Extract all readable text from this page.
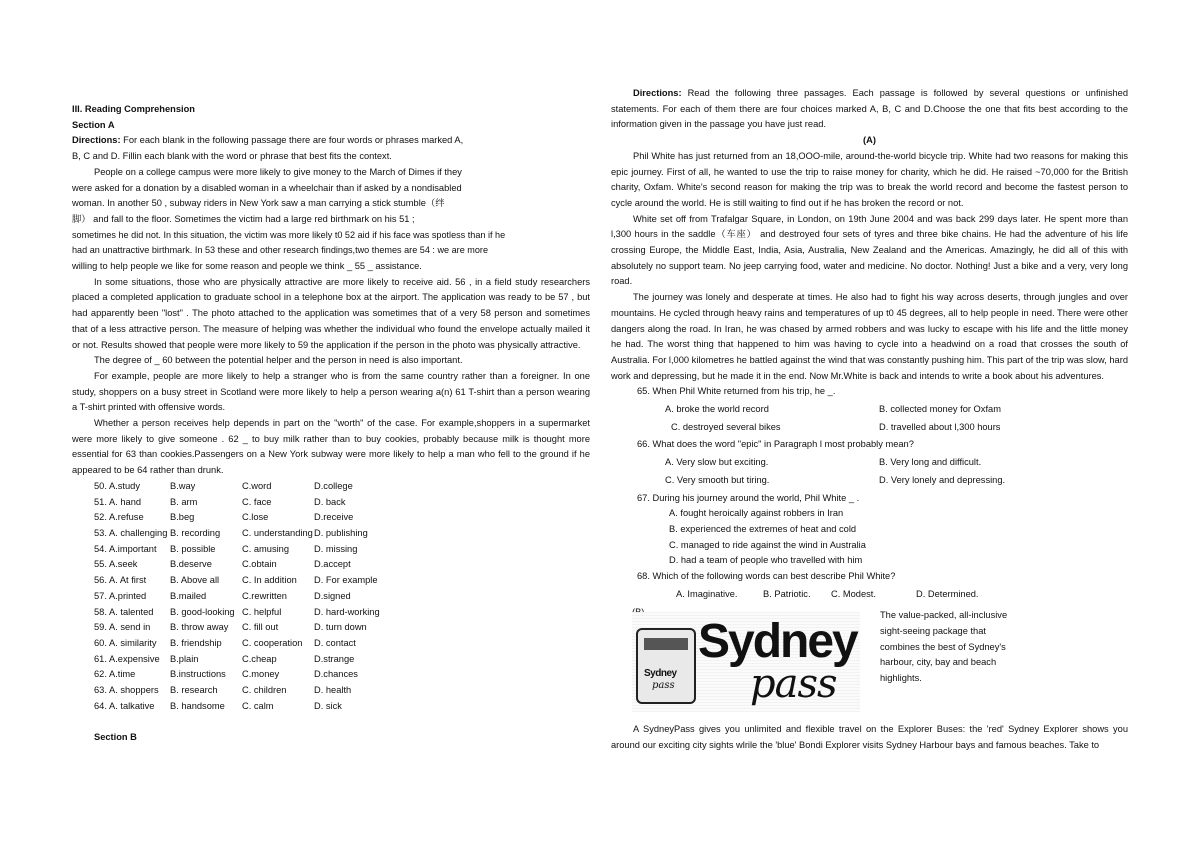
III. Reading Comprehension

Section A

Directions: For each blank in the following passage there are four words or phrases marked A,

B, C and D. Fillin each blank with the word or phrase that best fits the context.

People on a college campus were more likely to give money to the March of Dimes if they

were asked for a donation by a disabled woman in a wheelchair than if asked by a nondisabled

woman. In another 50 , subway riders in New York saw a man carrying a stick stumble（绊

脚） and fall to the floor. Sometimes the victim had a large red birthmark on his 51 ;

sometimes he did not. In this situation, the victim was more likely t0 52 aid if his face was spotless than if he

had an unattractive birthmark. In 53 these and other research findings,two themes are 54 : we are more

willing to help people we like for some reason and people we think _ 55 _ assistance.

In some situations, those who are physically attractive are more likely to receive aid. 56 , in a field study researchers placed a completed application to graduate school in a telephone box at the airport. The application was ready to be 57 , but had apparently been "lost" . The photo attached to the application was sometimes that of a very 58 person and sometimes that of a less attractive person. The measure of helping was whether the individual who found the envelope actually mailed it or not. Results showed that people were more likely to 59 the application if the person in the photo was physically attractive.

The degree of _ 60 between the potential helper and the person in need is also important.

For example, people are more likely to help a stranger who is from the same country rather than a foreigner. In one study, shoppers on a busy street in Scotland were more likely to help a person wearing a(n) 61 T-shirt than a person wearing a T-shirt printed with offensive words.

Whether a person receives help depends in part on the "worth" of the case. For example,shoppers in a supermarket were more likely to give someone . 62 _ to buy milk rather than to buy cookies, probably because milk is thought more essential for 63 than cookies.Passengers on a New York subway were more likely to help a man who fell to the ground if he appeared to be 64 rather than drunk.

50. A.study	B.way	C.word	D.college
51. A. hand	B. arm	C. face	D. back
52. A.refuse	B.beg	C.lose	D.receive
53. A. challenging	B. recording	C. understanding	D. publishing
54. A.important	B. possible	C. amusing	D. missing
55. A.seek	B.deserve	C.obtain	D.accept
56. A. At first	B. Above all	C. In addition	D. For example
57. A.printed	B.mailed	C.rewritten	D.signed
58. A. talented	B. good-looking	C. helpful	D. hard-working
59. A. send in	B. throw away	C. fill out	D. turn down
60. A. similarity	B. friendship	C. cooperation	D. contact
61. A.expensive	B.plain	C.cheap	D.strange
62. A.time	B.instructions	C.money	D.chances
63. A. shoppers	B. research	C. children	D. health
64. A. talkative	B. handsome	C. calm	D. sick

Section B

Directions: Read the following three passages. Each passage is followed by several questions or unfinished statements. For each of them there are four choices marked A, B, C and D.Choose the one that fits best according to the information given in the passage you have just read.

(A)

Phil White has just returned from an 18,OOO-mile, around-the-world bicycle trip. White had two reasons for making this epic journey. First of all, he wanted to use the trip to raise money for charity, which he did. He raised ~70,000 for the British charity, Oxfam. White's second reason for making the trip was to break the world record and become the fastest person to cycle around the world. He is still waiting to find out if he has broken the record or not.

White set off from Trafalgar Square, in London, on 19th June 2004 and was back 299 days later. He spent more than l,300 hours in the saddle（车座） and destroyed four sets of tyres and three bike chains. He had the adventure of his life crossing Europe, the Middle East, India, Asia, Australia, New Zealand and the Americas. Amazingly, he did all of this with absolutely no support team. No jeep carrying food, water and medicine. No doctor. Nothing! Just a bike and a very, very long road.

The journey was lonely and desperate at times. He also had to fight his way across deserts, through jungles and over mountains. He cycled through heavy rains and temperatures of up t0 45 degrees, all to help people in need. There were other dangers along the road. In Iran, he was chased by armed robbers and was lucky to escape with his life and the little money he had. The worst thing that happened to him was having to cycle into a headwind on a road that crosses the south of Australia. For l,000 kilometres he battled against the wind that was constantly pushing him. This part of the trip was slow, hard work and depressing, but he made it in the end. Now Mr.White is back and intends to write a book about his adventures.

65. When Phil White returned from his trip, he _.

A. broke the world record	B. collected money for Oxfam
C. destroyed several bikes	D. travelled about l,300 hours

66. What does the word "epic" in Paragraph l most probably mean?

A. Very slow but exciting.	B. Very long and difficult.
C. Very smooth but tiring.	D. Very lonely and depressing.

67. During his journey around the world, Phil White _ .

A. fought heroically against robbers in Iran

B. experienced the extremes of heat and cold

C. managed to ride against the wind in Australia

D. had a team of people who travelled with him

68. Which of the following words can best describe Phil White?

A. Imaginative.	B. Patriotic.	C. Modest.	D. Determined.

Sydney
pass
Sydney
pass
The value-packed, all-inclusive sight-seeing package that combines the best of Sydney's harbour, city, bay and beach highlights.

A SydneyPass gives you unlimited and flexible travel on the Explorer Buses: the 'red' Sydney Explorer shows you around our exciting city sights wlrile the 'blue' Bondi Explorer visits Sydney Harbour bays and famous beaches. Take to
